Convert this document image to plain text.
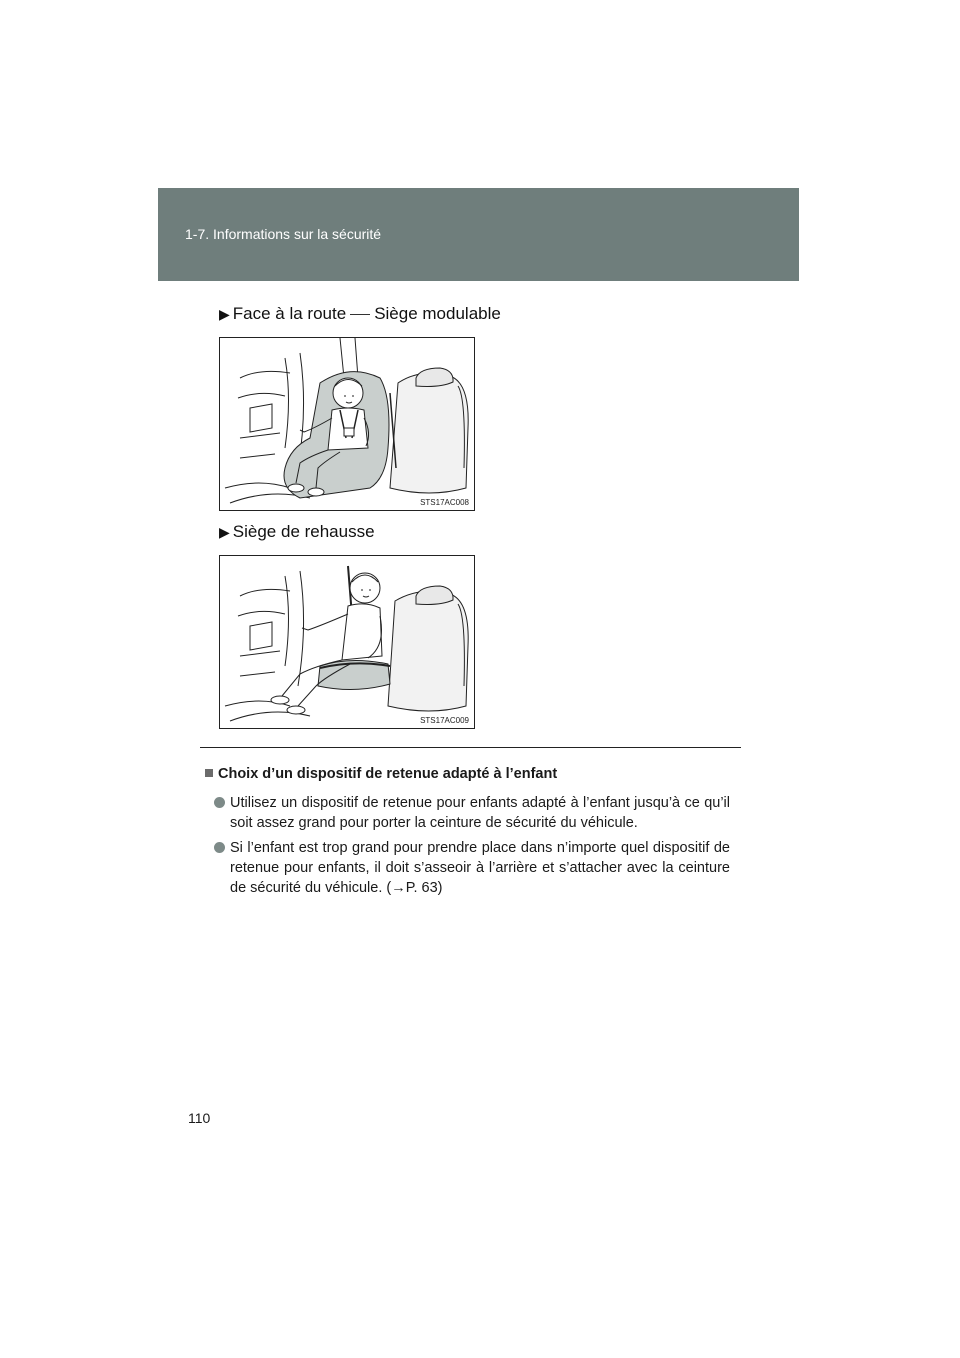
1-7. Informations sur la sécurité
▶ Face à la route Siège modulable
STS17AC008
▶ Siège de rehausse
STS17AC009
Choix d’un dispositif de retenue adapté à l’enfant
Utilisez un dispositif de retenue pour enfants adapté à l’enfant jusqu’à ce qu’il soit assez grand pour porter la ceinture de sécurité du véhicule.
Si l’enfant est trop grand pour prendre place dans n’importe quel dispositif de retenue pour enfants, il doit s’asseoir à l’arrière et s’attacher avec la ceinture de sécurité du véhicule. (→P. 63)
110
